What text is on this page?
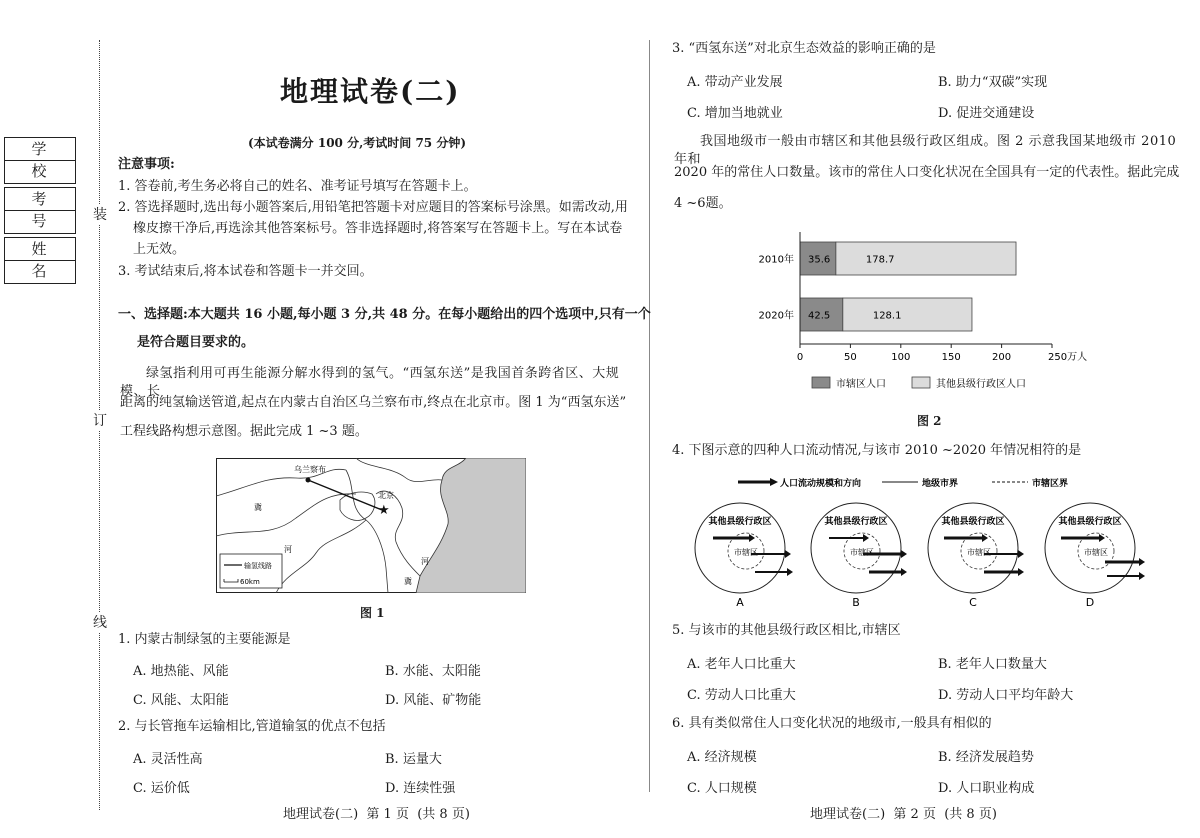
装
订
线
学 校
考 号
姓 名
地理试卷(二)
(本试卷满分 100 分,考试时间 75 分钟)
注意事项:
1. 答卷前,考生务必将自己的姓名、准考证号填写在答题卡上。
2. 答选择题时,选出每小题答案后,用铅笔把答题卡对应题目的答案标号涂黑。如需改动,用
橡皮擦干净后,再选涂其他答案标号。答非选择题时,将答案写在答题卡上。写在本试卷
上无效。
3. 考试结束后,将本试卷和答题卡一并交回。
一、选择题:本大题共 16 小题,每小题 3 分,共 48 分。在每小题给出的四个选项中,只有一个
是符合题目要求的。
绿氢指利用可再生能源分解水得到的氢气。“西氢东送”是我国首条跨省区、大规模、长
距离的纯氢输送管道,起点在内蒙古自治区乌兰察布市,终点在北京市。图 1 为“西氢东送”
工程线路构想示意图。据此完成 1 ~3 题。
★
乌兰察布
北京
冀
河
冀
河
输氢线路
60km
图 1
1. 内蒙古制绿氢的主要能源是
A. 地热能、风能	B. 水能、太阳能
C. 风能、太阳能	D. 风能、矿物能
2. 与长管拖车运输相比,管道输氢的优点不包括
A. 灵活性高	B. 运量大
C. 运价低	D. 连续性强
地理试卷(二)  第 1 页  (共 8 页)
3. “西氢东送”对北京生态效益的影响正确的是
A. 带动产业发展	B. 助力“双碳”实现
C. 增加当地就业	D. 促进交通建设
我国地级市一般由市辖区和其他县级行政区组成。图 2 示意我国某地级市 2010 年和
2020 年的常住人口数量。该市的常住人口变化状况在全国具有一定的代表性。据此完成
4 ~6题。
2010年 35.6	178.7
2020年 42.5	128.1
0	50	100	150	200	250万人
市辖区人口	其他县级行政区人口
图 2
4. 下图示意的四种人口流动情况,与该市 2010 ~2020 年情况相符的是
人口流动规模和方向	地级市界	市辖区界
其他县级行政区
市辖区
A
其他县级行政区
市辖区
B
其他县级行政区
市辖区
C
其他县级行政区
市辖区
D
5. 与该市的其他县级行政区相比,市辖区
A. 老年人口比重大	B. 老年人口数量大
C. 劳动人口比重大	D. 劳动人口平均年龄大
6. 具有类似常住人口变化状况的地级市,一般具有相似的
A. 经济规模	B. 经济发展趋势
C. 人口规模	D. 人口职业构成
地理试卷(二)  第 2 页  (共 8 页)
